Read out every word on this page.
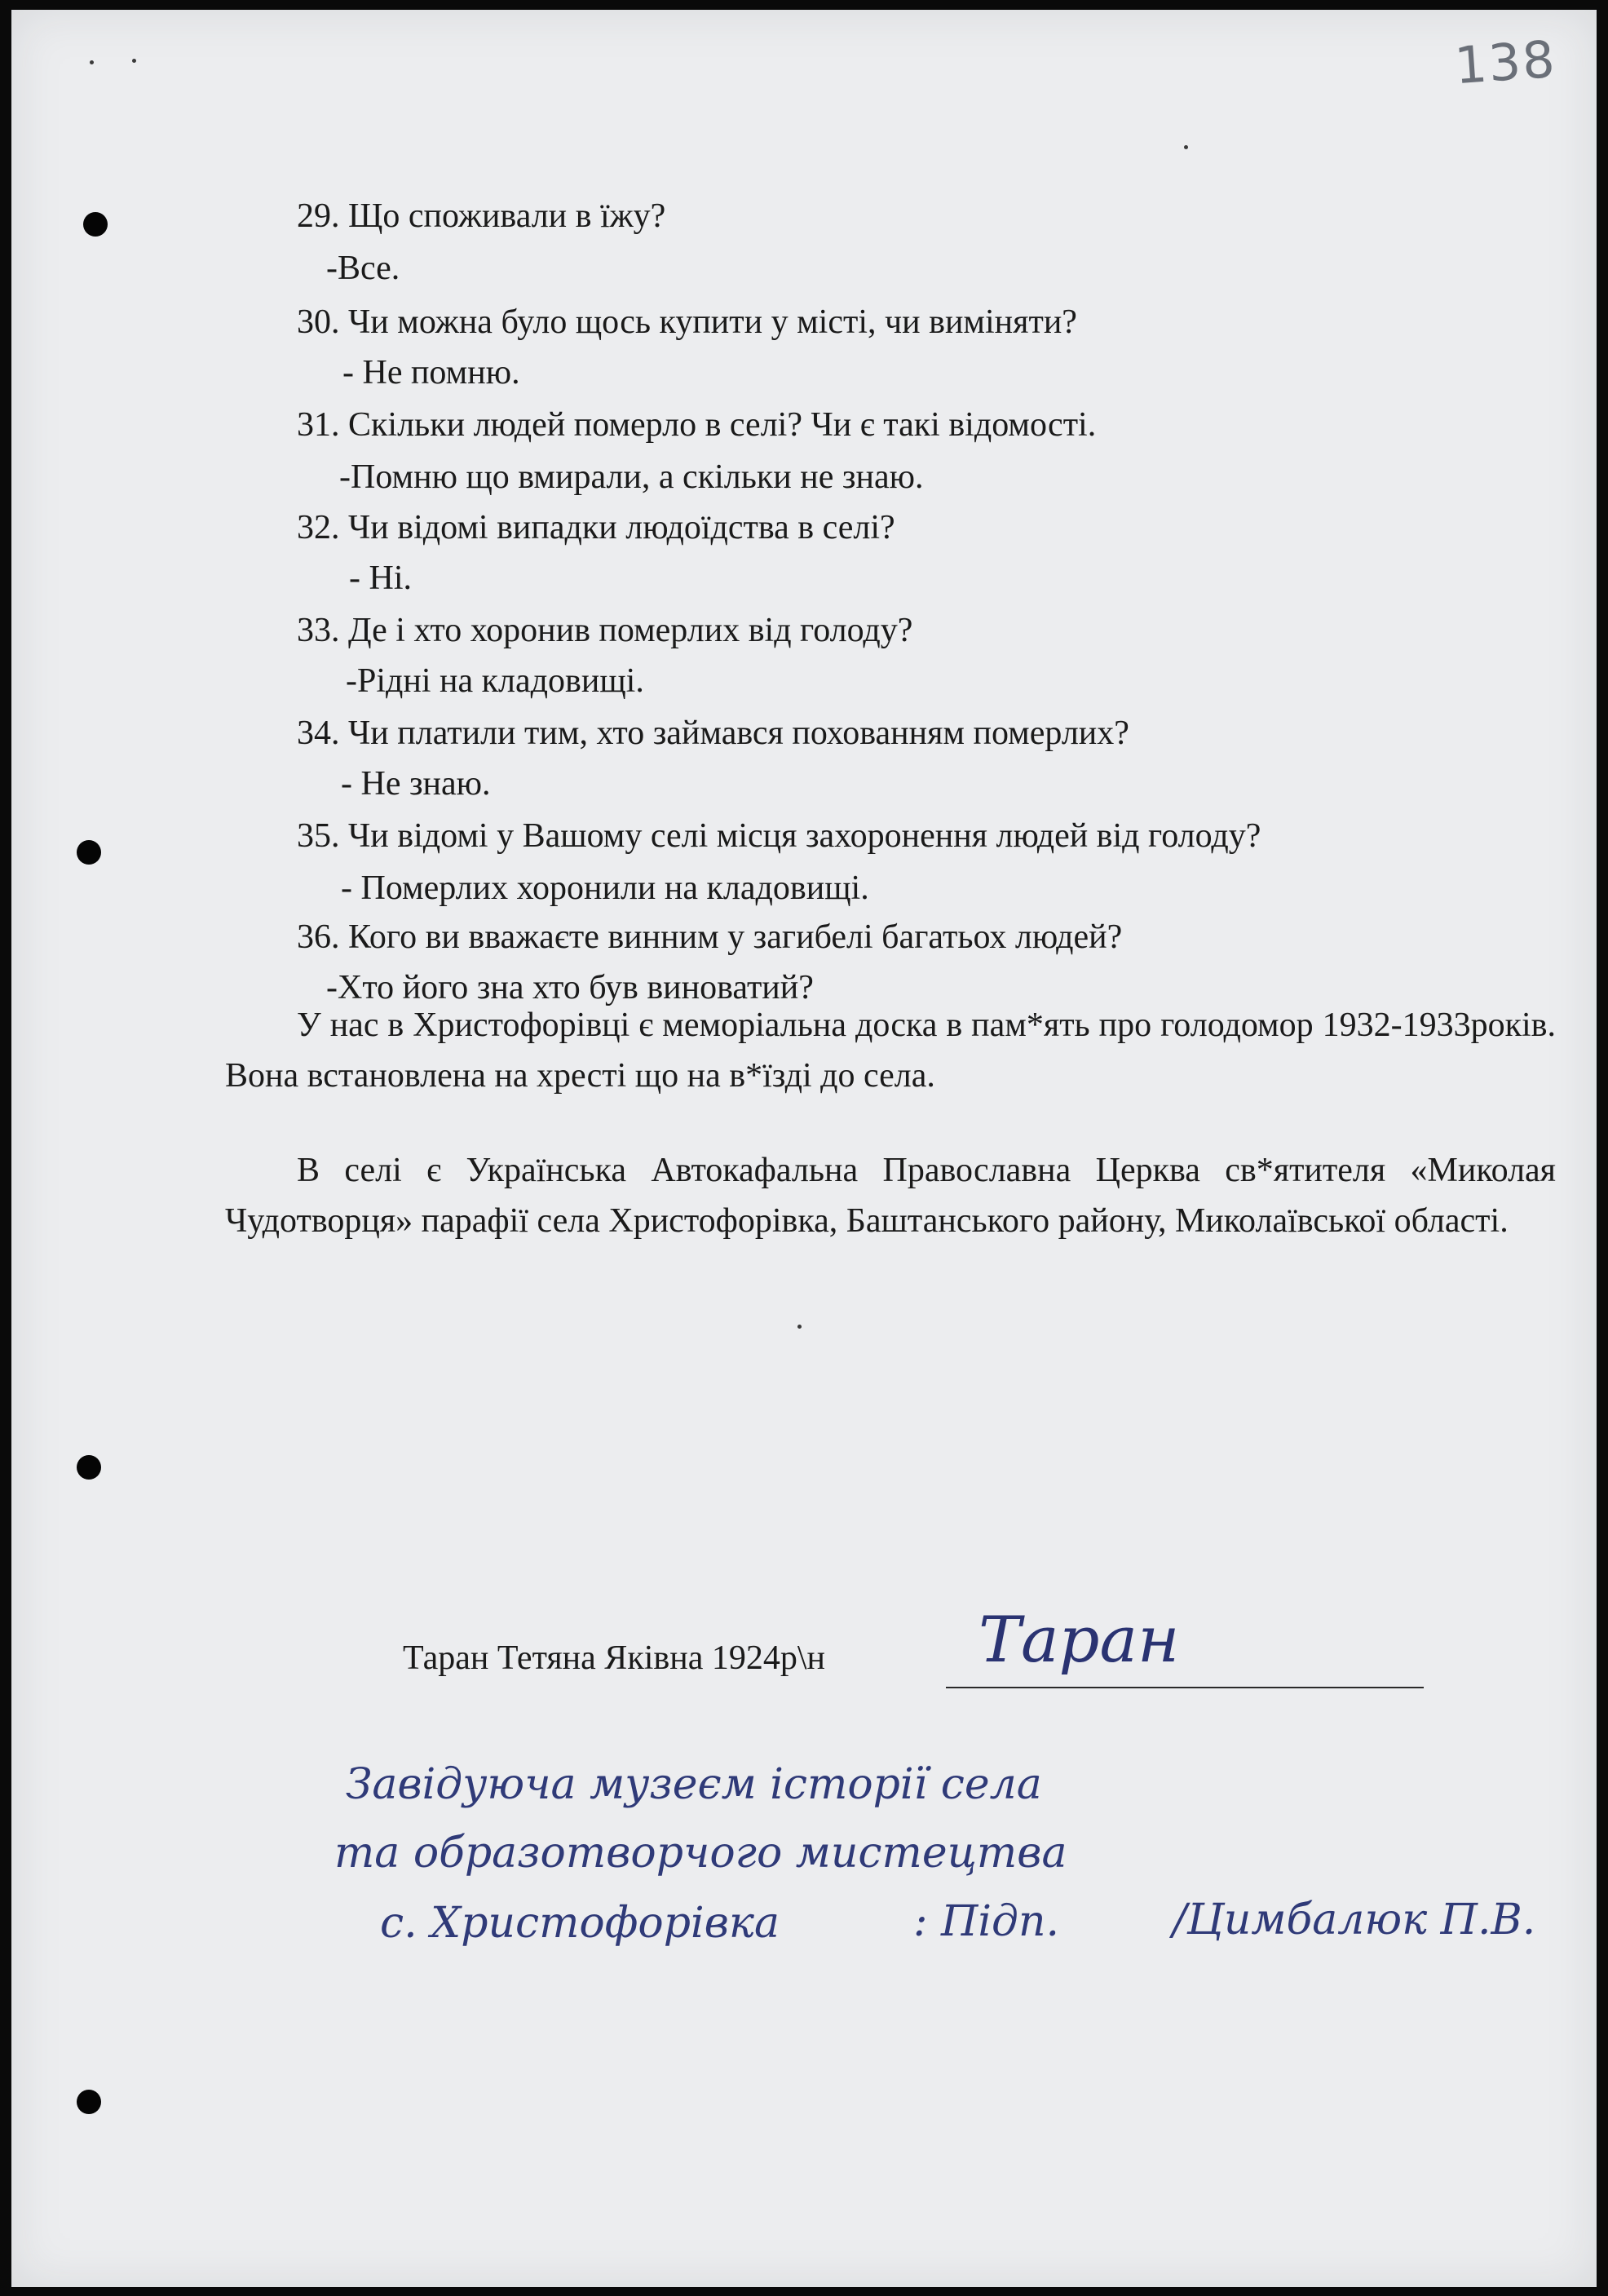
138
29. Що споживали в їжу?
-Все.
30. Чи можна було щось купити у місті, чи виміняти?
- Не помню.
31. Скільки людей померло в селі? Чи є такі відомості.
-Помню що вмирали, а скільки не знаю.
32. Чи відомі випадки людоїдства в селі?
- Ні.
33. Де і хто хоронив померлих від голоду?
-Рідні на кладовищі.
34. Чи платили тим, хто займався похованням померлих?
- Не знаю.
35. Чи відомі у Вашому селі місця захоронення людей від голоду?
- Померлих хоронили на кладовищі.
36. Кого ви вважаєте винним у загибелі багатьох людей?
-Хто його зна хто був виноватий?
У нас в Христофорівці є меморіальна доска в пам*ять про голодомор 1932-1933років. Вона встановлена на хресті що на в*їзді до села.
В селі є Українська Автокафальна Православна Церква св*ятителя «Миколая Чудотворця» парафії села Христофорівка, Баштанського району, Миколаївської області.
Таран Тетяна Яківна 1924р\н Таран
Завідуюча музеєм історії села
та образотворчого мистецтва
с. Христофорівка	: Підп.	/Цимбалюк П.В.
